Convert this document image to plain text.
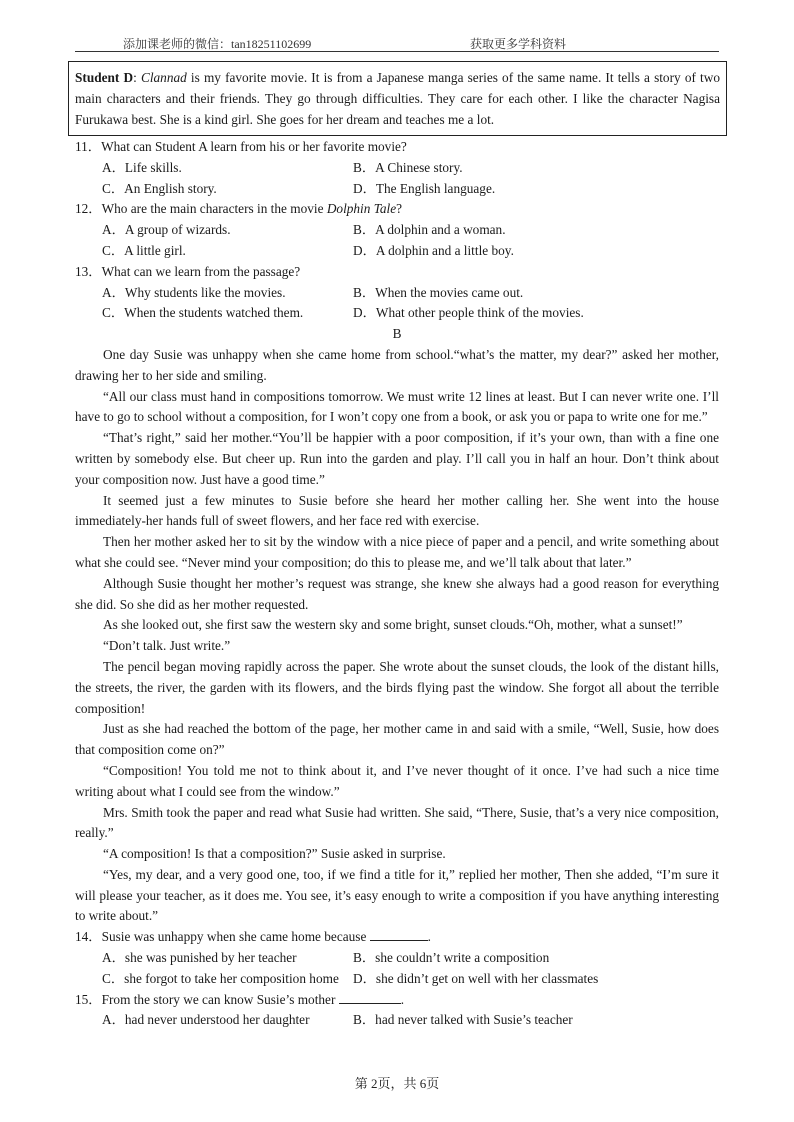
添加课老师的微信：tan18251102699	获取更多学科资料
Student D: Clannad is my favorite movie. It is from a Japanese manga series of the same name. It tells a story of two main characters and their friends. They go through difficulties. They care for each other. I like the character Nagisa Furukawa best. She is a kind girl. She goes for her dream and teaches me a lot.

11．What can Student A learn from his or her favorite movie?

A．Life skills.	B．A Chinese story.
C．An English story.	D．The English language.

12．Who are the main characters in the movie Dolphin Tale?

A．A group of wizards.	B．A dolphin and a woman.
C．A little girl.	D．A dolphin and a little boy.

13．What can we learn from the passage?

A．Why students like the movies.	B．When the movies came out.
C．When the students watched them.	D．What other people think of the movies.

B

One day Susie was unhappy when she came home from school.“what’s the matter, my dear?” asked her mother, drawing her to her side and smiling.

“All our class must hand in compositions tomorrow. We must write 12 lines at least. But I can never write one. I’ll have to go to school without a composition, for I won’t copy one from a book, or ask you or papa to write one for me.”

“That’s right,” said her mother.“You’ll be happier with a poor composition, if it’s your own, than with a fine one written by somebody else. But cheer up. Run into the garden and play. I’ll call you in half an hour. Don’t think about your composition now. Just have a good time.”

It seemed just a few minutes to Susie before she heard her mother calling her. She went into the house immediately-her hands full of sweet flowers, and her face red with exercise.

Then her mother asked her to sit by the window with a nice piece of paper and a pencil, and write something about what she could see. “Never mind your composition; do this to please me, and we’ll talk about that later.”

Although Susie thought her mother’s request was strange, she knew she always had a good reason for everything she did. So she did as her mother requested.

As she looked out, she first saw the western sky and some bright, sunset clouds.“Oh, mother, what a sunset!”

“Don’t talk. Just write.”

The pencil began moving rapidly across the paper. She wrote about the sunset clouds, the look of the distant hills, the streets, the river, the garden with its flowers, and the birds flying past the window. She forgot all about the terrible composition!

Just as she had reached the bottom of the page, her mother came in and said with a smile, “Well, Susie, how does that composition come on?”

“Composition! You told me not to think about it, and I’ve never thought of it once. I’ve had such a nice time writing about what I could see from the window.”

Mrs. Smith took the paper and read what Susie had written. She said, “There, Susie, that’s a very nice composition, really.”

“A composition! Is that a composition?” Susie asked in surprise.

“Yes, my dear, and a very good one, too, if we find a title for it,” replied her mother, Then she added, “I’m sure it will please your teacher, as it does me. You see, it’s easy enough to write a composition if you have anything interesting to write about.”

14．Susie was unhappy when she came home because	.

A．she was punished by her teacher	B．she couldn’t write a composition
C．she forgot to take her composition home	D．she didn’t get on well with her classmates

15．From the story we can know Susie’s mother	.

A．had never understood her daughter	B．had never talked with Susie’s teacher
第 2页，共 6页
